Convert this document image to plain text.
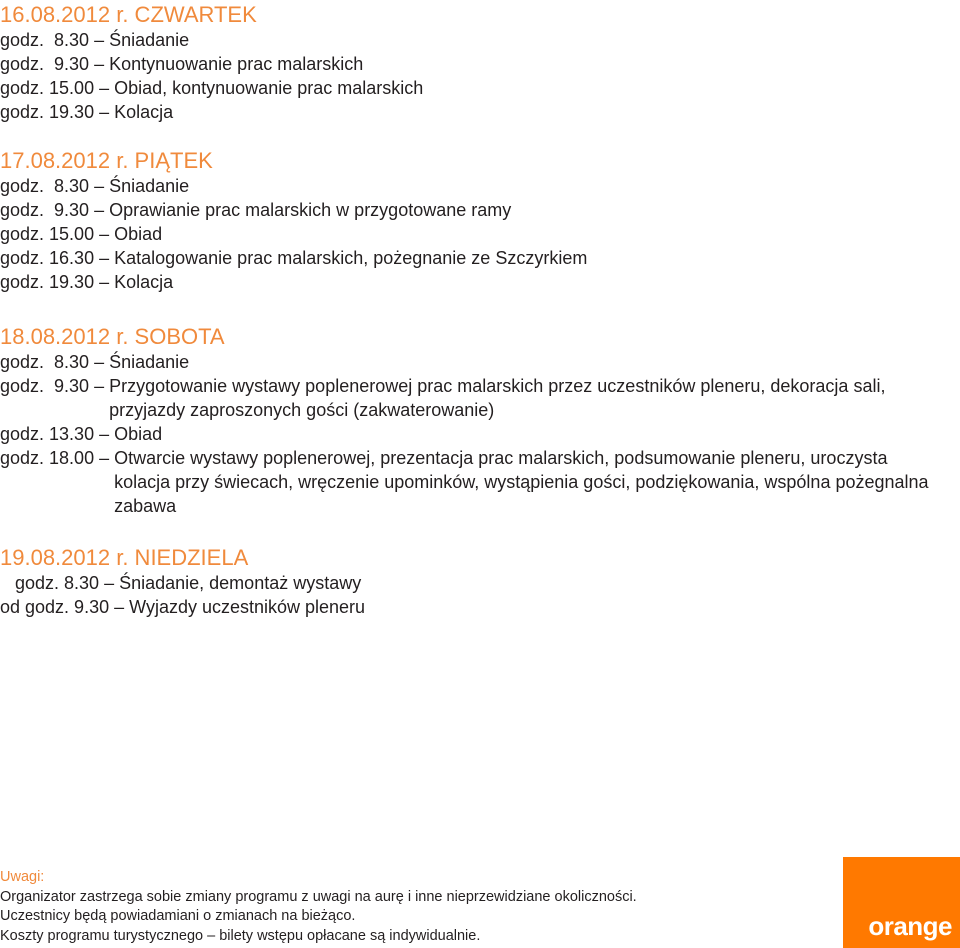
16.08.2012 r. CZWARTEK
godz.  8.30 – Śniadanie
godz.  9.30 – Kontynuowanie prac malarskich
godz. 15.00 – Obiad, kontynuowanie prac malarskich
godz. 19.30 – Kolacja
17.08.2012 r. PIĄTEK
godz.  8.30 – Śniadanie
godz.  9.30 – Oprawianie prac malarskich w przygotowane ramy
godz. 15.00 – Obiad
godz. 16.30 – Katalogowanie prac malarskich, pożegnanie ze Szczyrkiem
godz. 19.30 – Kolacja
18.08.2012 r. SOBOTA
godz.  8.30 – Śniadanie
godz.  9.30 – Przygotowanie wystawy poplenerowej prac malarskich przez uczestników pleneru, dekoracja sali, przyjazdy zaproszonych gości (zakwaterowanie)
godz. 13.30 – Obiad
godz. 18.00 – Otwarcie wystawy poplenerowej, prezentacja prac malarskich, podsumowanie pleneru, uroczysta kolacja przy świecach, wręczenie upominków, wystąpienia gości, podziękowania, wspólna pożegnalna zabawa
19.08.2012 r. NIEDZIELA
godz. 8.30 – Śniadanie, demontaż wystawy
od godz. 9.30 – Wyjazdy uczestników pleneru
Uwagi:
Organizator zastrzega sobie zmiany programu z uwagi na aurę i inne nieprzewidziane okoliczności.
Uczestnicy będą powiadamiani o zmianach na bieżąco.
Koszty programu turystycznego – bilety wstępu opłacane są indywidualnie.	orange
